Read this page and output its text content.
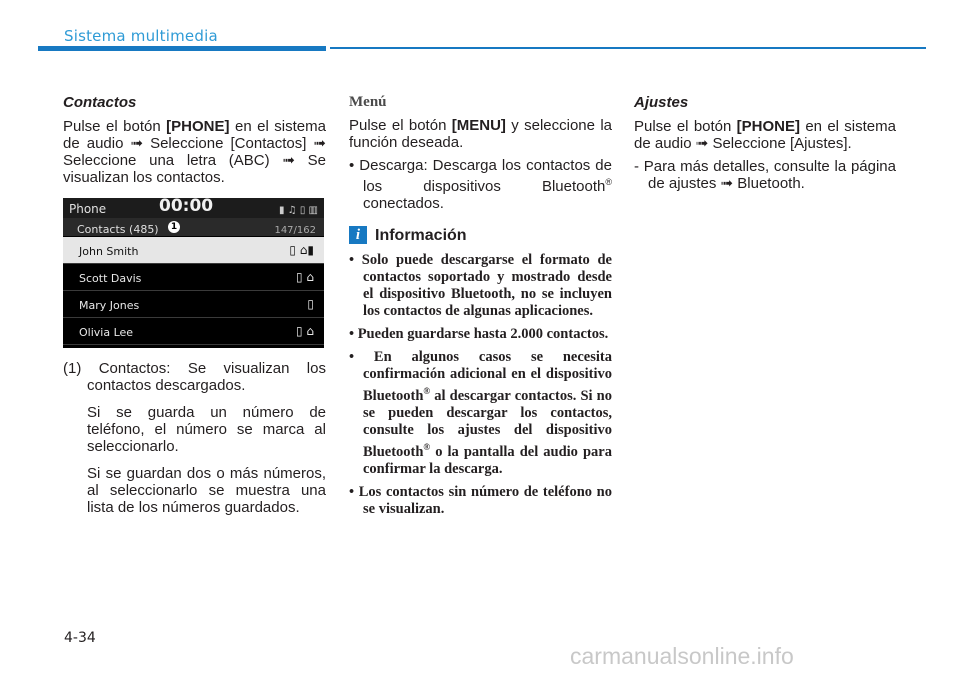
Sistema multimedia
Contactos

Pulse el botón [PHONE] en el sistema de audio ➟ Seleccione [Contactos] ➟ Seleccione una letra (ABC) ➟ Se visualizan los contactos.

Phone	00:00	▮ ♫ ▯ ▥
Contacts (485)	1	147/162
John Smith	▯ ⌂▮
Scott Davis	▯ ⌂
Mary Jones	▯
Olivia Lee	▯ ⌂

(1) Contactos: Se visualizan los contactos descargados.

Si se guarda un número de teléfono, el número se marca al seleccionarlo.

Si se guardan dos o más números, al seleccionarlo se muestra una lista de los números guardados.

Menú

Pulse el botón [MENU] y seleccione la función deseada.

• Descarga: Descarga los contactos de los dispositivos Bluetooth® conectados.

i Información

• Solo puede descargarse el formato de contactos soportado y mostrado desde el dispositivo Bluetooth, no se incluyen los contactos de algunas aplicaciones.

• Pueden guardarse hasta 2.000 contactos.

• En algunos casos se necesita confirmación adicional en el dispositivo Bluetooth® al descargar contactos. Si no se pueden descargar los contactos, consulte los ajustes del dispositivo Bluetooth® o la pantalla del audio para confirmar la descarga.

• Los contactos sin número de teléfono no se visualizan.

Ajustes

Pulse el botón [PHONE] en el sistema de audio ➟ Seleccione [Ajustes].

- Para más detalles, consulte la página de ajustes ➟ Bluetooth.

4-34
carmanualsonline.info
